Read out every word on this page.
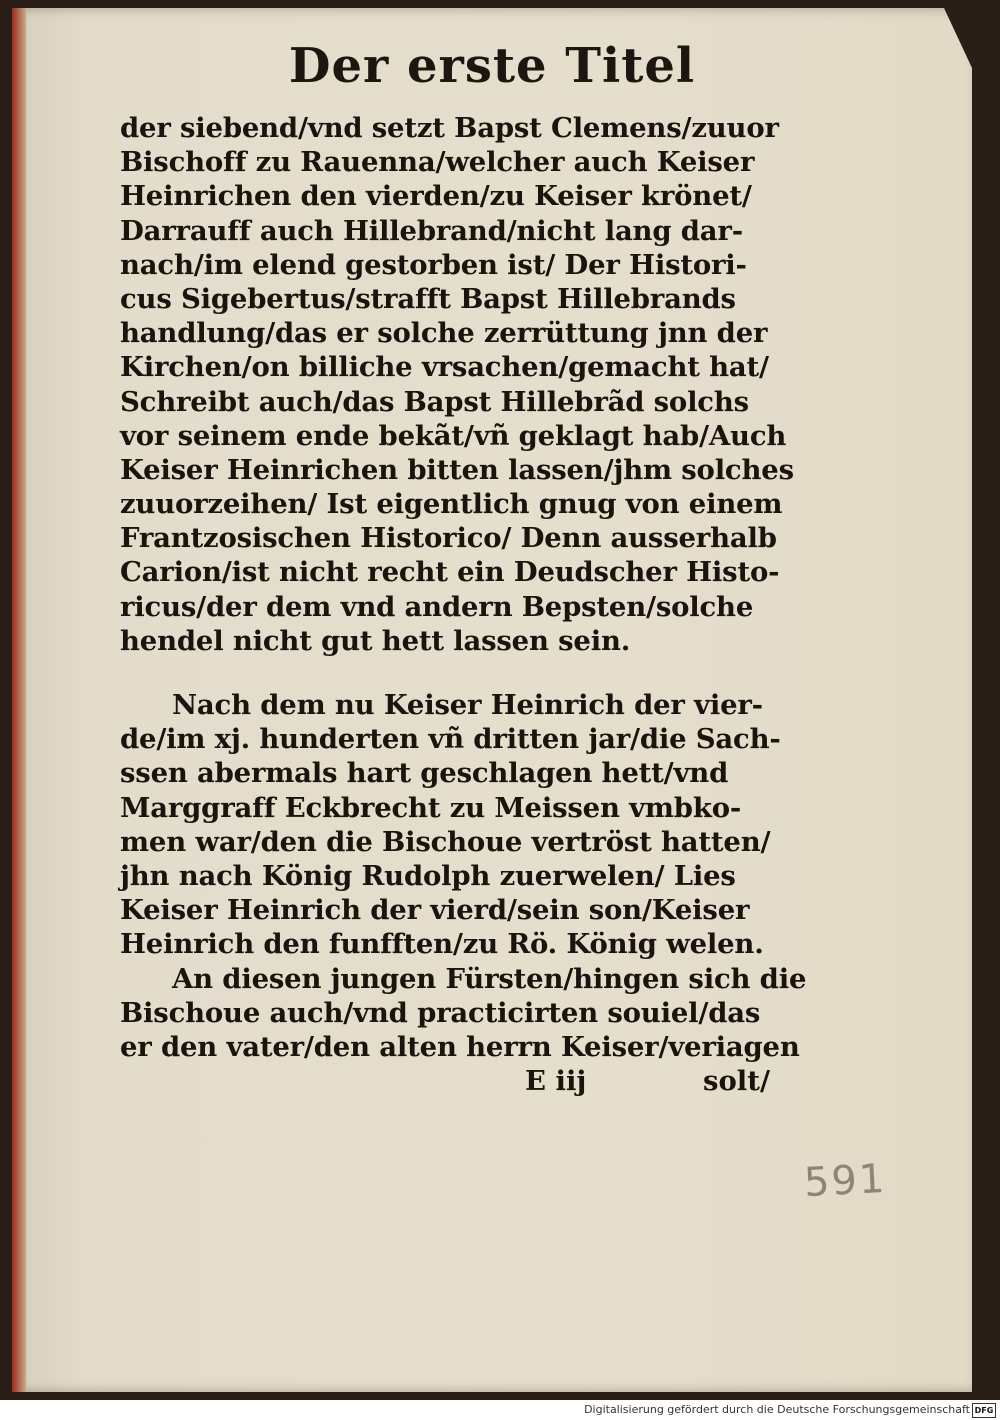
Der erste Titel
der siebend/vnd setzt Bapst Clemens/zuuor
Bischoff zu Rauenna/welcher auch Keiser
Heinrichen den vierden/zu Keiser krönet/
Darrauff auch Hillebrand/nicht lang dar-
nach/im elend gestorben ist/ Der Histori-
cus Sigebertus/strafft Bapst Hillebrands
handlung/das er solche zerrüttung jnn der
Kirchen/on billiche vrsachen/gemacht hat/
Schreibt auch/das Bapst Hillebrãd solchs
vor seinem ende bekãt/vñ geklagt hab/Auch
Keiser Heinrichen bitten lassen/jhm solches
zuuorzeihen/ Ist eigentlich gnug von einem
Frantzosischen Historico/ Denn ausserhalb
Carion/ist nicht recht ein Deudscher Histo-
ricus/der dem vnd andern Bepsten/solche
hendel nicht gut hett lassen sein.
Nach dem nu Keiser Heinrich der vier-
de/im xj. hunderten vñ dritten jar/die Sach-
ssen abermals hart geschlagen hett/vnd
Marggraff Eckbrecht zu Meissen vmbko-
men war/den die Bischoue vertröst hatten/
jhn nach König Rudolph zuerwelen/ Lies
Keiser Heinrich der vierd/sein son/Keiser
Heinrich den funfften/zu Rö. König welen.
An diesen jungen Fürsten/hingen sich die
Bischoue auch/vnd practicirten souiel/das
er den vater/den alten herrn Keiser/veriagen
E iij	solt/
591
Digitalisierung gefördert durch die Deutsche Forschungsgemeinschaft DFG
